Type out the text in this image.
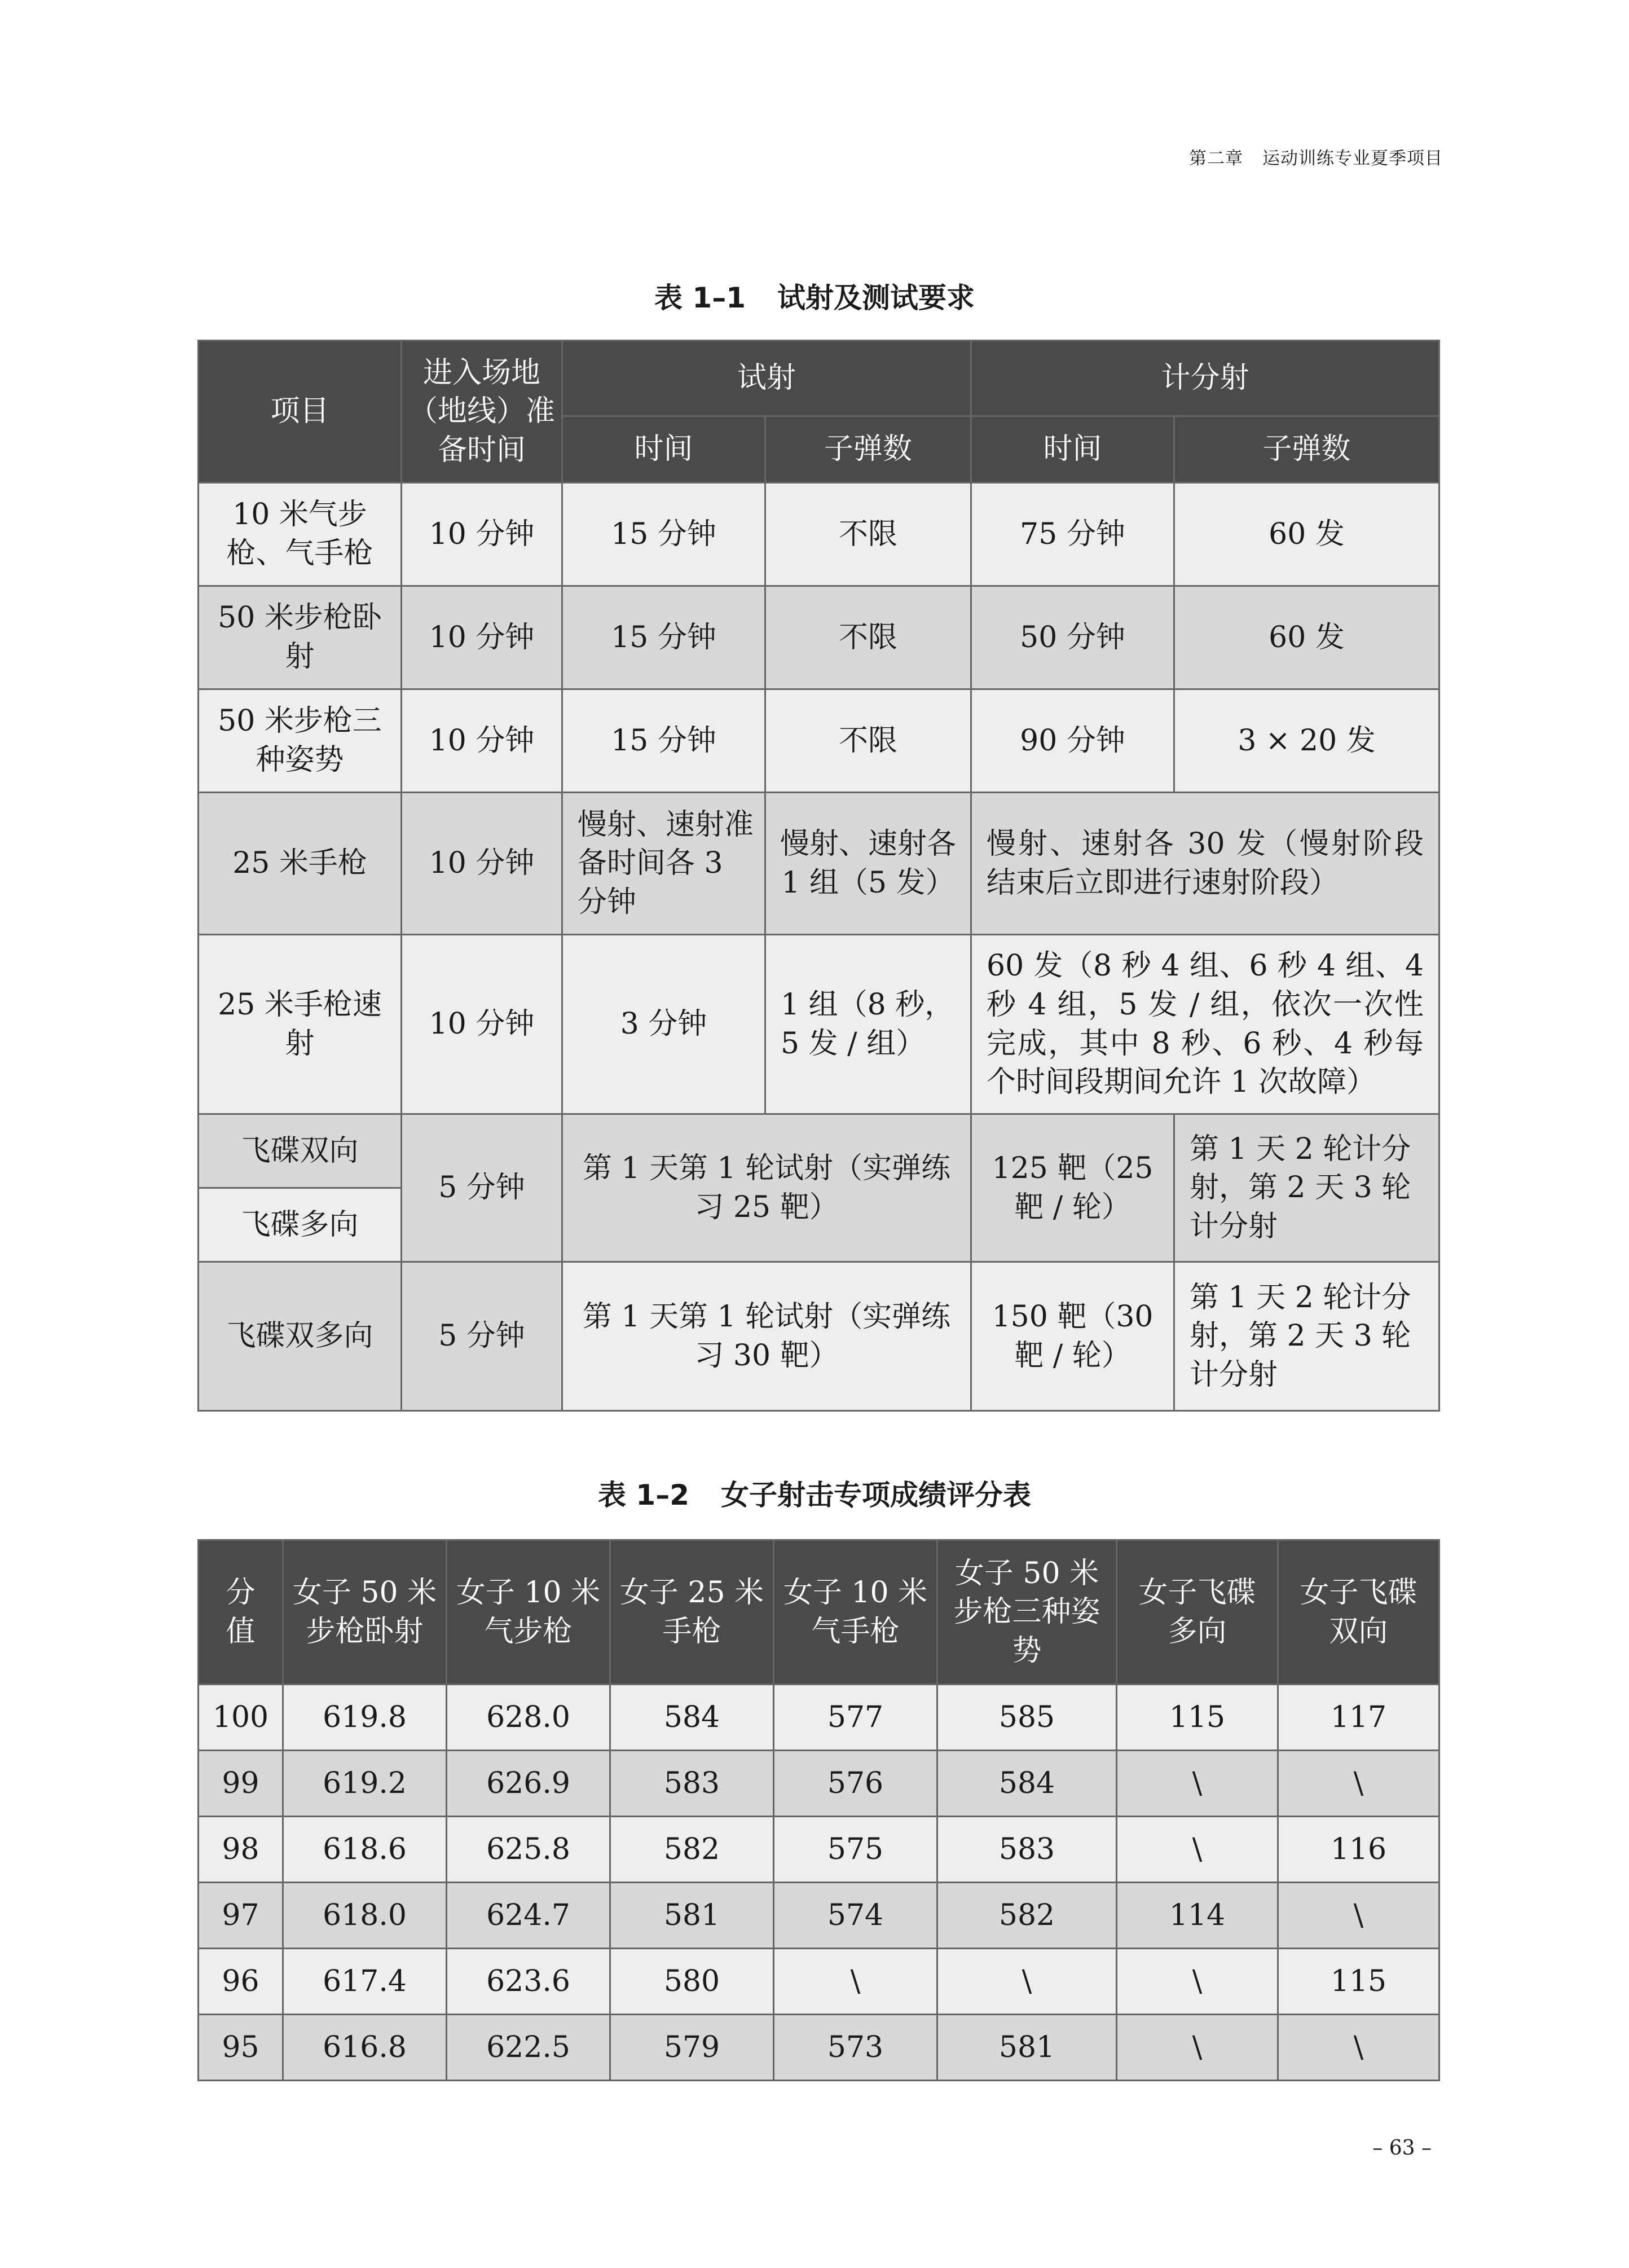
第二章 运动训练专业夏季项目
表 1–1 试射及测试要求
项目	进入场地（地线）准备时间	试射		计分射	
		时间	子弹数	时间	子弹数
10 米气步枪、气手枪	10 分钟	15 分钟	不限	75 分钟	60 发
50 米步枪卧射	10 分钟	15 分钟	不限	50 分钟	60 发
50 米步枪三种姿势	10 分钟	15 分钟	不限	90 分钟	3 × 20 发
25 米手枪	10 分钟	慢射、速射准备时间各 3 分钟	慢射、速射各 1 组（5 发）	慢射、速射各 30 发（慢射阶段结束后立即进行速射阶段）	
25 米手枪速射	10 分钟	3 分钟	1 组（8 秒，5 发 / 组）	60 发（8 秒 4 组、6 秒 4 组、4 秒 4 组，5 发 / 组，依次一次性完成，其中 8 秒、6 秒、4 秒每个时间段期间允许 1 次故障）	
飞碟双向	5 分钟	第 1 天第 1 轮试射（实弹练习 25 靶）		125 靶（25 靶 / 轮）	第 1 天 2 轮计分射，第 2 天 3 轮计分射
飞碟多向					
飞碟双多向	5 分钟	第 1 天第 1 轮试射（实弹练习 30 靶）		150 靶（30 靶 / 轮）	第 1 天 2 轮计分射，第 2 天 3 轮计分射
表 1–2 女子射击专项成绩评分表
分值	女子 50 米步枪卧射	女子 10 米气步枪	女子 25 米手枪	女子 10 米气手枪	女子 50 米步枪三种姿势	女子飞碟多向	女子飞碟双向
100	619.8	628.0	584	577	585	115	117
99	619.2	626.9	583	576	584	\	\
98	618.6	625.8	582	575	583	\	116
97	618.0	624.7	581	574	582	114	\
96	617.4	623.6	580	\	\	\	115
95	616.8	622.5	579	573	581	\	\
– 63 –
